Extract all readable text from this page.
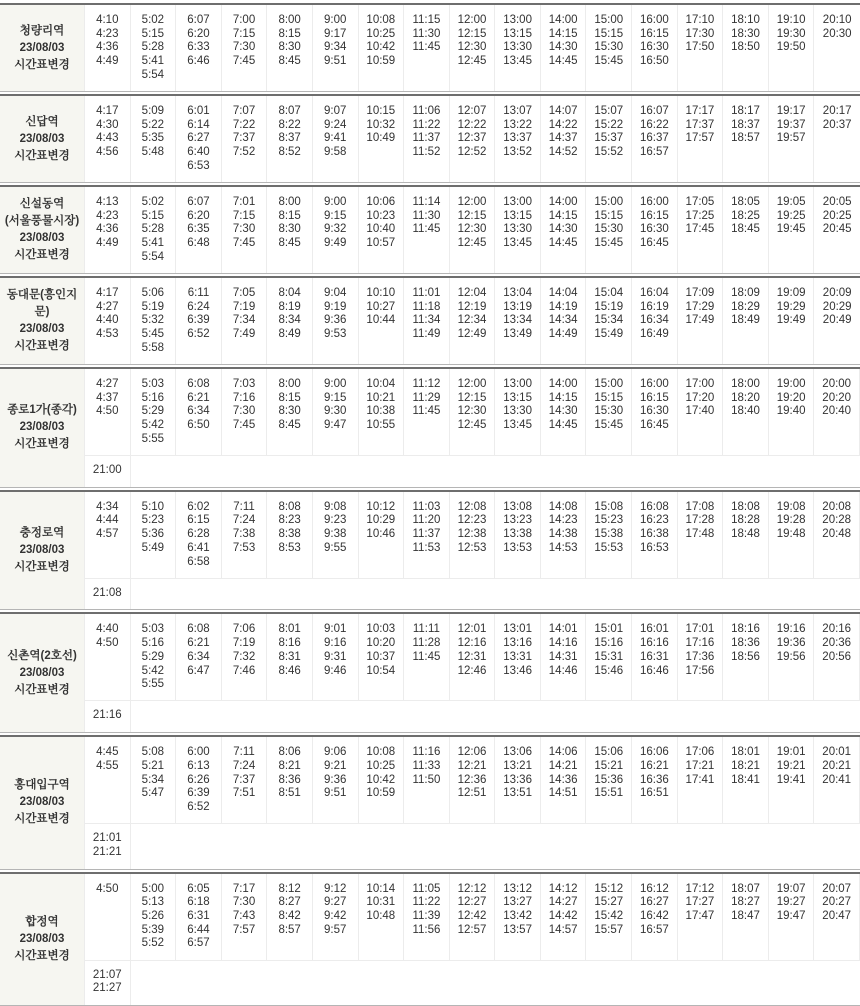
청량리역
23/08/03
시간표변경
4:10
4:23
4:36
4:49
5:02
5:15
5:28
5:41
5:54
6:07
6:20
6:33
6:46
7:00
7:15
7:30
7:45
8:00
8:15
8:30
8:45
9:00
9:17
9:34
9:51
10:08
10:25
10:42
10:59
11:15
11:30
11:45
12:00
12:15
12:30
12:45
13:00
13:15
13:30
13:45
14:00
14:15
14:30
14:45
15:00
15:15
15:30
15:45
16:00
16:15
16:30
16:50
17:10
17:30
17:50
18:10
18:30
18:50
19:10
19:30
19:50
20:10
20:30
신답역
23/08/03
시간표변경
4:17
4:30
4:43
4:56
5:09
5:22
5:35
5:48
6:01
6:14
6:27
6:40
6:53
7:07
7:22
7:37
7:52
8:07
8:22
8:37
8:52
9:07
9:24
9:41
9:58
10:15
10:32
10:49
11:06
11:22
11:37
11:52
12:07
12:22
12:37
12:52
13:07
13:22
13:37
13:52
14:07
14:22
14:37
14:52
15:07
15:22
15:37
15:52
16:07
16:22
16:37
16:57
17:17
17:37
17:57
18:17
18:37
18:57
19:17
19:37
19:57
20:17
20:37
신설동역
(서울풍물시장)
23/08/03
시간표변경
4:13
4:23
4:36
4:49
5:02
5:15
5:28
5:41
5:54
6:07
6:20
6:35
6:48
7:01
7:15
7:30
7:45
8:00
8:15
8:30
8:45
9:00
9:15
9:32
9:49
10:06
10:23
10:40
10:57
11:14
11:30
11:45
12:00
12:15
12:30
12:45
13:00
13:15
13:30
13:45
14:00
14:15
14:30
14:45
15:00
15:15
15:30
15:45
16:00
16:15
16:30
16:45
17:05
17:25
17:45
18:05
18:25
18:45
19:05
19:25
19:45
20:05
20:25
20:45
동대문(흥인지문)
23/08/03
시간표변경
4:17
4:27
4:40
4:53
5:06
5:19
5:32
5:45
5:58
6:11
6:24
6:39
6:52
7:05
7:19
7:34
7:49
8:04
8:19
8:34
8:49
9:04
9:19
9:36
9:53
10:10
10:27
10:44
11:01
11:18
11:34
11:49
12:04
12:19
12:34
12:49
13:04
13:19
13:34
13:49
14:04
14:19
14:34
14:49
15:04
15:19
15:34
15:49
16:04
16:19
16:34
16:49
17:09
17:29
17:49
18:09
18:29
18:49
19:09
19:29
19:49
20:09
20:29
20:49
종로1가(종각)
23/08/03
시간표변경
4:27
4:37
4:50
5:03
5:16
5:29
5:42
5:55
6:08
6:21
6:34
6:50
7:03
7:16
7:30
7:45
8:00
8:15
8:30
8:45
9:00
9:15
9:30
9:47
10:04
10:21
10:38
10:55
11:12
11:29
11:45
12:00
12:15
12:30
12:45
13:00
13:15
13:30
13:45
14:00
14:15
14:30
14:45
15:00
15:15
15:30
15:45
16:00
16:15
16:30
16:45
17:00
17:20
17:40
18:00
18:20
18:40
19:00
19:20
19:40
20:00
20:20
20:40
21:00
충정로역
23/08/03
시간표변경
4:34
4:44
4:57
5:10
5:23
5:36
5:49
6:02
6:15
6:28
6:41
6:58
7:11
7:24
7:38
7:53
8:08
8:23
8:38
8:53
9:08
9:23
9:38
9:55
10:12
10:29
10:46
11:03
11:20
11:37
11:53
12:08
12:23
12:38
12:53
13:08
13:23
13:38
13:53
14:08
14:23
14:38
14:53
15:08
15:23
15:38
15:53
16:08
16:23
16:38
16:53
17:08
17:28
17:48
18:08
18:28
18:48
19:08
19:28
19:48
20:08
20:28
20:48
21:08
신촌역(2호선)
23/08/03
시간표변경
4:40
4:50
5:03
5:16
5:29
5:42
5:55
6:08
6:21
6:34
6:47
7:06
7:19
7:32
7:46
8:01
8:16
8:31
8:46
9:01
9:16
9:31
9:46
10:03
10:20
10:37
10:54
11:11
11:28
11:45
12:01
12:16
12:31
12:46
13:01
13:16
13:31
13:46
14:01
14:16
14:31
14:46
15:01
15:16
15:31
15:46
16:01
16:16
16:31
16:46
17:01
17:16
17:36
17:56
18:16
18:36
18:56
19:16
19:36
19:56
20:16
20:36
20:56
21:16
홍대입구역
23/08/03
시간표변경
4:45
4:55
5:08
5:21
5:34
5:47
6:00
6:13
6:26
6:39
6:52
7:11
7:24
7:37
7:51
8:06
8:21
8:36
8:51
9:06
9:21
9:36
9:51
10:08
10:25
10:42
10:59
11:16
11:33
11:50
12:06
12:21
12:36
12:51
13:06
13:21
13:36
13:51
14:06
14:21
14:36
14:51
15:06
15:21
15:36
15:51
16:06
16:21
16:36
16:51
17:06
17:21
17:41
18:01
18:21
18:41
19:01
19:21
19:41
20:01
20:21
20:41
21:01
21:21
합정역
23/08/03
시간표변경
4:50	5:00
5:13
5:26
5:39
5:52
6:05
6:18
6:31
6:44
6:57
7:17
7:30
7:43
7:57
8:12
8:27
8:42
8:57
9:12
9:27
9:42
9:57
10:14
10:31
10:48
11:05
11:22
11:39
11:56
12:12
12:27
12:42
12:57
13:12
13:27
13:42
13:57
14:12
14:27
14:42
14:57
15:12
15:27
15:42
15:57
16:12
16:27
16:42
16:57
17:12
17:27
17:47
18:07
18:27
18:47
19:07
19:27
19:47
20:07
20:27
20:47
21:07
21:27
